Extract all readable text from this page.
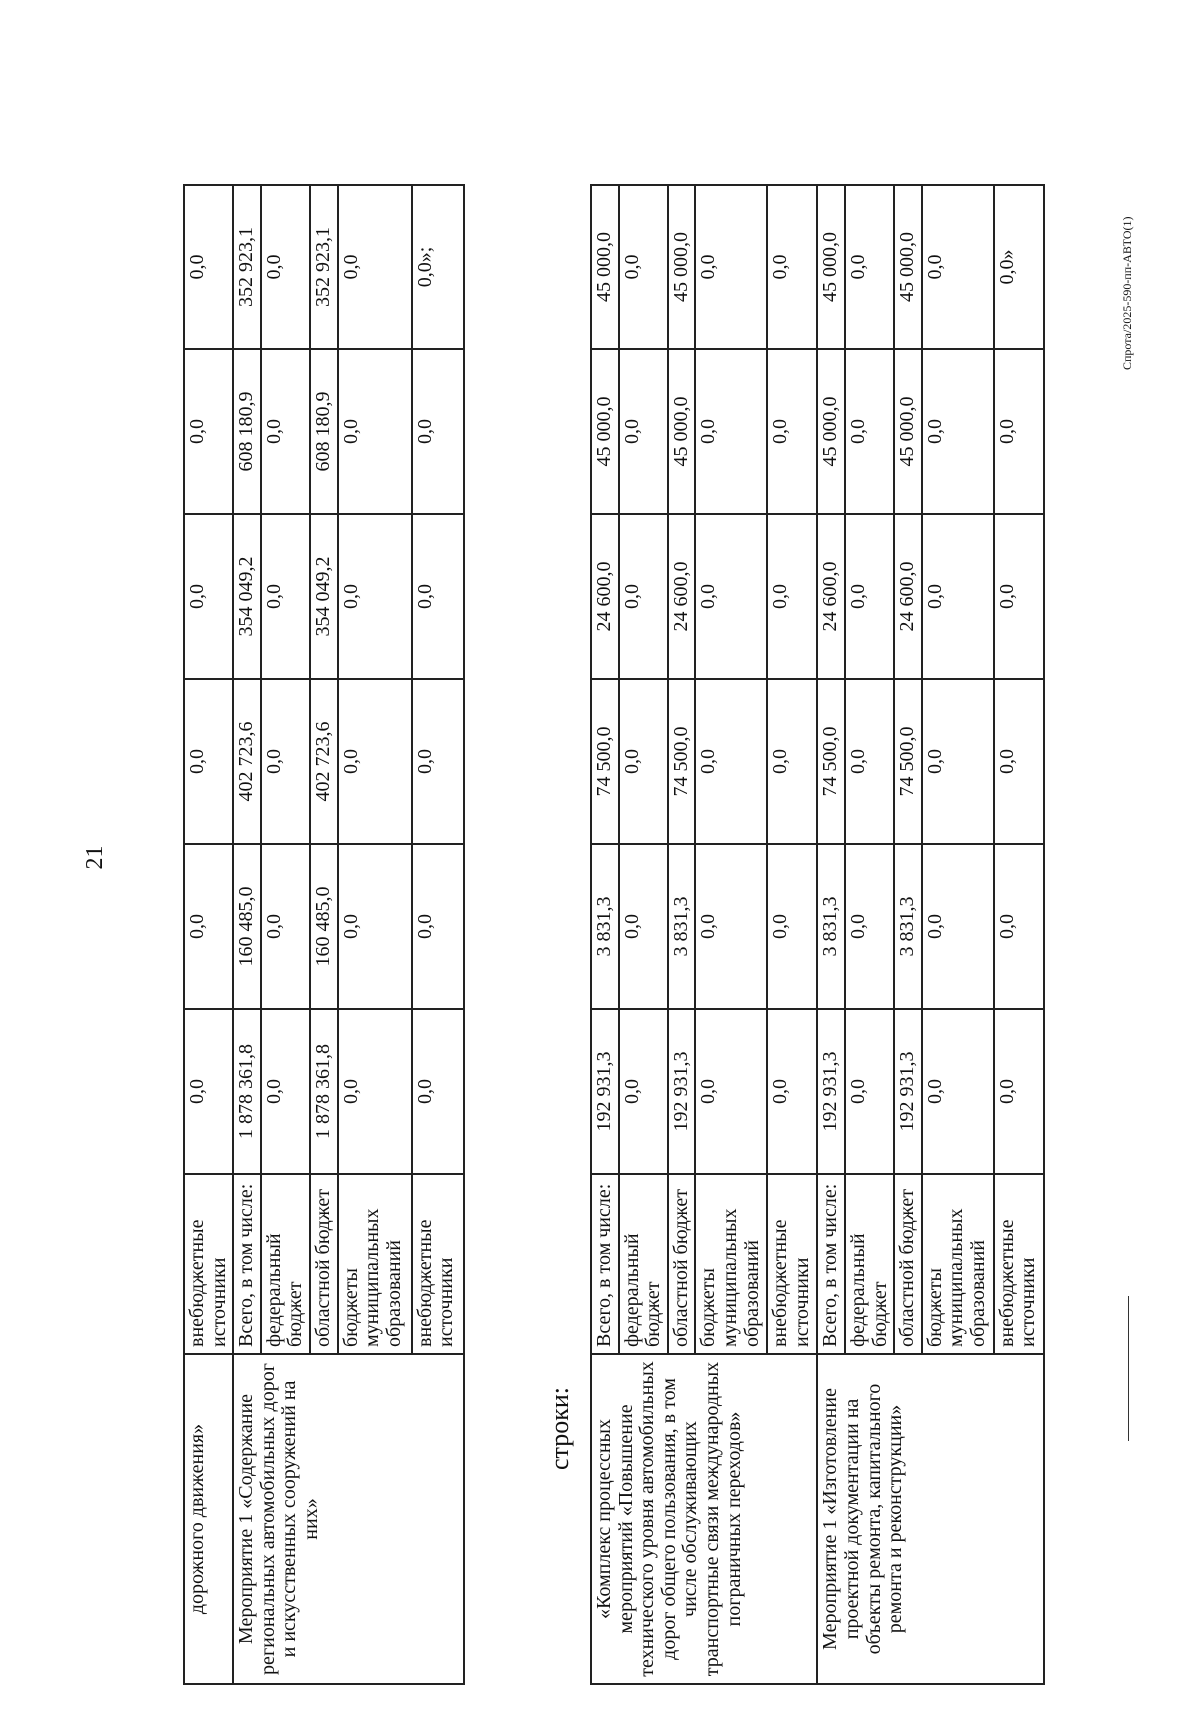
21
дорожного движения»	внебюджетные источники	0,0	0,0	0,0	0,0	0,0	0,0
Мероприятие 1 «Содержание региональных автомобильных дорог и искусственных сооружений на них»	Всего, в том числе:	1 878 361,8	160 485,0	402 723,6	354 049,2	608 180,9	352 923,1
	федеральный бюджет	0,0	0,0	0,0	0,0	0,0	0,0
	областной бюджет	1 878 361,8	160 485,0	402 723,6	354 049,2	608 180,9	352 923,1
	бюджеты муниципальных образований	0,0	0,0	0,0	0,0	0,0	0,0
	внебюджетные источники	0,0	0,0	0,0	0,0	0,0	0,0»;
строки: «Комплекс процессных мероприятий «Повышение технического уровня автомобильных дорог общего пользования, в том числе обслуживающих транспортные связи международных пограничных переходов»	Всего, в том числе:	192 931,3	3 831,3	74 500,0	24 600,0	45 000,0	45 000,0
	федеральный бюджет	0,0	0,0	0,0	0,0	0,0	0,0
	областной бюджет	192 931,3	3 831,3	74 500,0	24 600,0	45 000,0	45 000,0
	бюджеты муниципальных образований	0,0	0,0	0,0	0,0	0,0	0,0
	внебюджетные источники	0,0	0,0	0,0	0,0	0,0	0,0
Мероприятие 1 «Изготовление проектной документации на объекты ремонта, капитального ремонта и реконструкции»	Всего, в том числе:	192 931,3	3 831,3	74 500,0	24 600,0	45 000,0	45 000,0
	федеральный бюджет	0,0	0,0	0,0	0,0	0,0	0,0
	областной бюджет	192 931,3	3 831,3	74 500,0	24 600,0	45 000,0	45 000,0
	бюджеты муниципальных образований	0,0	0,0	0,0	0,0	0,0	0,0
	внебюджетные источники	0,0	0,0	0,0	0,0	0,0	0,0»	Спрота/2025-590-пп-АВТО(1)
